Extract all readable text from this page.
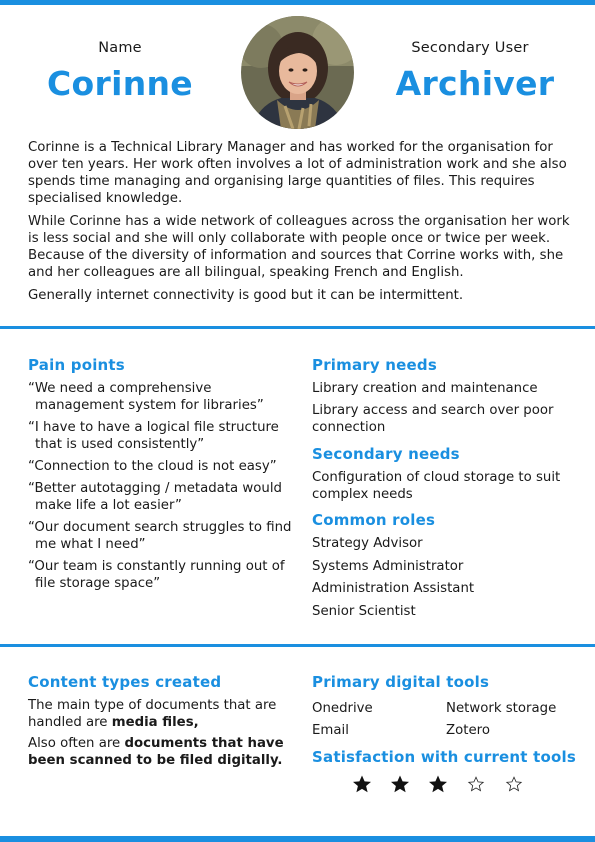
Name
Corinne
Secondary User
Archiver

Corinne is a Technical Library Manager and has worked for the organisation for over ten years. Her work often involves a lot of administration work and she also spends time managing and organising large quantities of files. This requires specialised knowledge.

While Corinne has a wide network of colleagues across the organisation her work is less social and she will only collaborate with people once or twice per week. Because of the diversity of information and sources that Corrine works with, she and her colleagues are all bilingual, speaking French and English.

Generally internet connectivity is good but it can be intermittent.

Pain points
“We need a comprehensive management system for libraries”
“I have to have a logical file structure that is used consistently”
“Connection to the cloud is not easy”
“Better autotagging / metadata would make life a lot easier”
“Our document search struggles to find me what I need”
“Our team is constantly running out of file storage space”
Primary needs
Library creation and maintenance
Library access and search over poor connection
Secondary needs
Configuration of cloud storage to suit complex needs
Common roles
Strategy Advisor
Systems Administrator
Administration Assistant
Senior Scientist
Content types created

The main type of documents that are handled are media files,

Also often are documents that have been scanned to be filed digitally.

Primary digital tools
Onedrive	Network storage
Email	Zotero
Satisfaction with current tools
